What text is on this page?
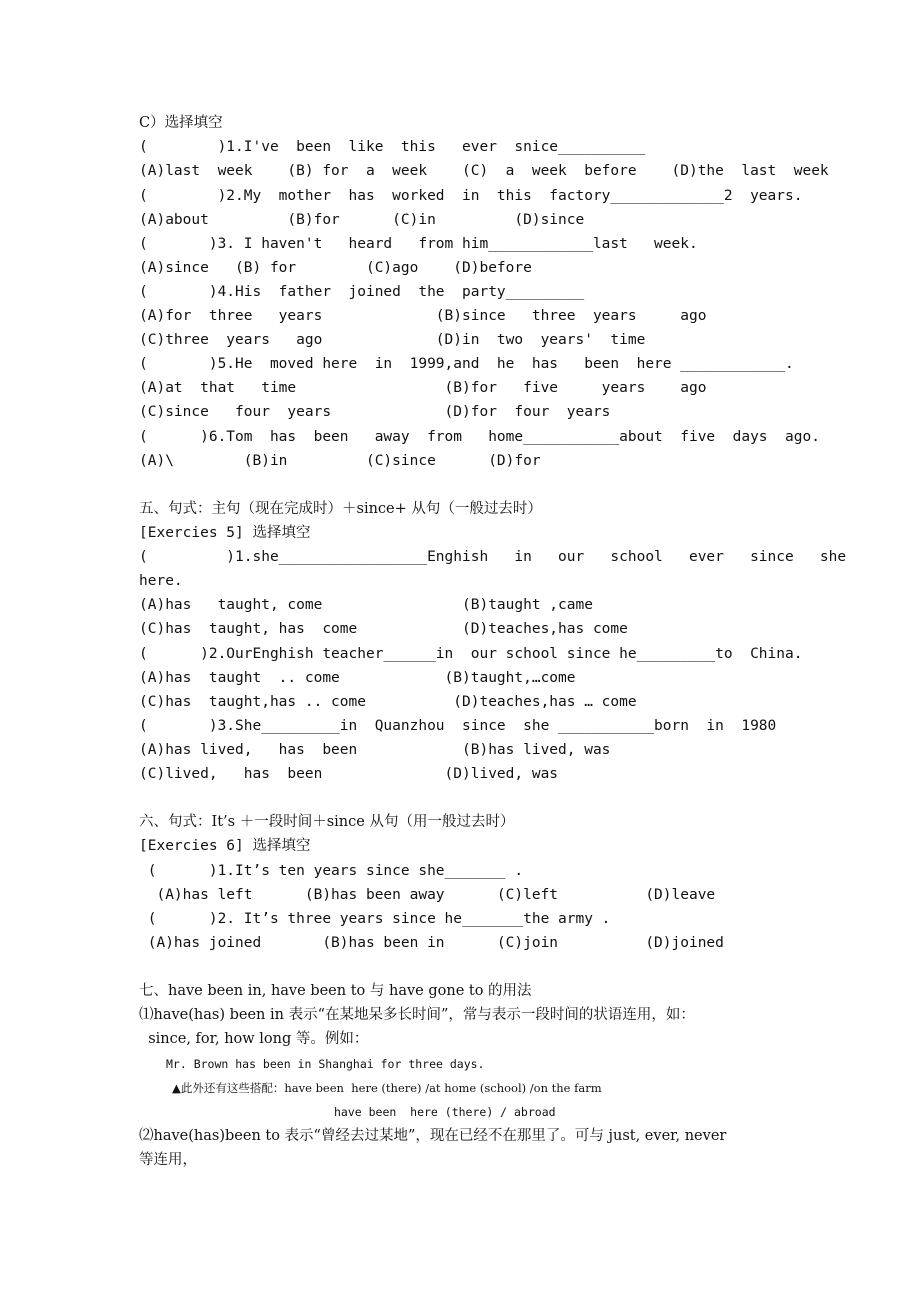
C）选择填空
(        )1.I've  been  like  this   ever  snice__________
(A)last  week    (B) for  a  week    (C)  a  week  before    (D)the  last  week
(        )2.My  mother  has  worked  in  this  factory_____________2  years.
(A)about         (B)for      (C)in         (D)since
(       )3. I haven't   heard   from him____________last   week.
(A)since   (B) for        (C)ago    (D)before
(       )4.His  father  joined  the  party_________
(A)for  three   years             (B)since   three  years     ago
(C)three  years   ago             (D)in  two  years'  time
(       )5.He  moved here  in  1999,and  he  has   been  here ____________.
(A)at  that   time                 (B)for   five     years    ago
(C)since   four  years             (D)for  four  years
(      )6.Tom  has  been   away  from   home___________about  five  days  ago.
(A)\        (B)in         (C)since      (D)for
五、句式：主句（现在完成时）＋since+ 从句（一般过去时）
[Exercies 5] 选择填空
(         )1.she_________________Enghish   in   our   school   ever   since   she
here.
(A)has   taught, come                (B)taught ,came
(C)has  taught, has  come            (D)teaches,has come
(      )2.OurEnghish teacher______in  our school since he_________to  China.
(A)has  taught  .. come            (B)taught,…come
(C)has  taught,has .. come          (D)teaches,has … come
(       )3.She_________in  Quanzhou  since  she ___________born  in  1980
(A)has lived,   has  been            (B)has lived, was
(C)lived,   has  been              (D)lived, was
六、句式：It’s ＋一段时间＋since 从句（用一般过去时）
[Exercies 6] 选择填空
(      )1.It’s ten years since she_______ .
(A)has left      (B)has been away      (C)left          (D)leave
(      )2. It’s three years since he_______the army .
(A)has joined       (B)has been in      (C)join          (D)joined
七、have been in, have been to 与 have gone to 的用法
⑴have(has) been in 表示“在某地呆多长时间”，常与表示一段时间的状语连用，如：
since, for, how long 等。例如：
Mr. Brown has been in Shanghai for three days.
▲此外还有这些搭配：have been  here (there) /at home (school) /on the farm
have been  here (there) / abroad
⑵have(has)been to 表示“曾经去过某地”，现在已经不在那里了。可与 just, ever, never
等连用，
